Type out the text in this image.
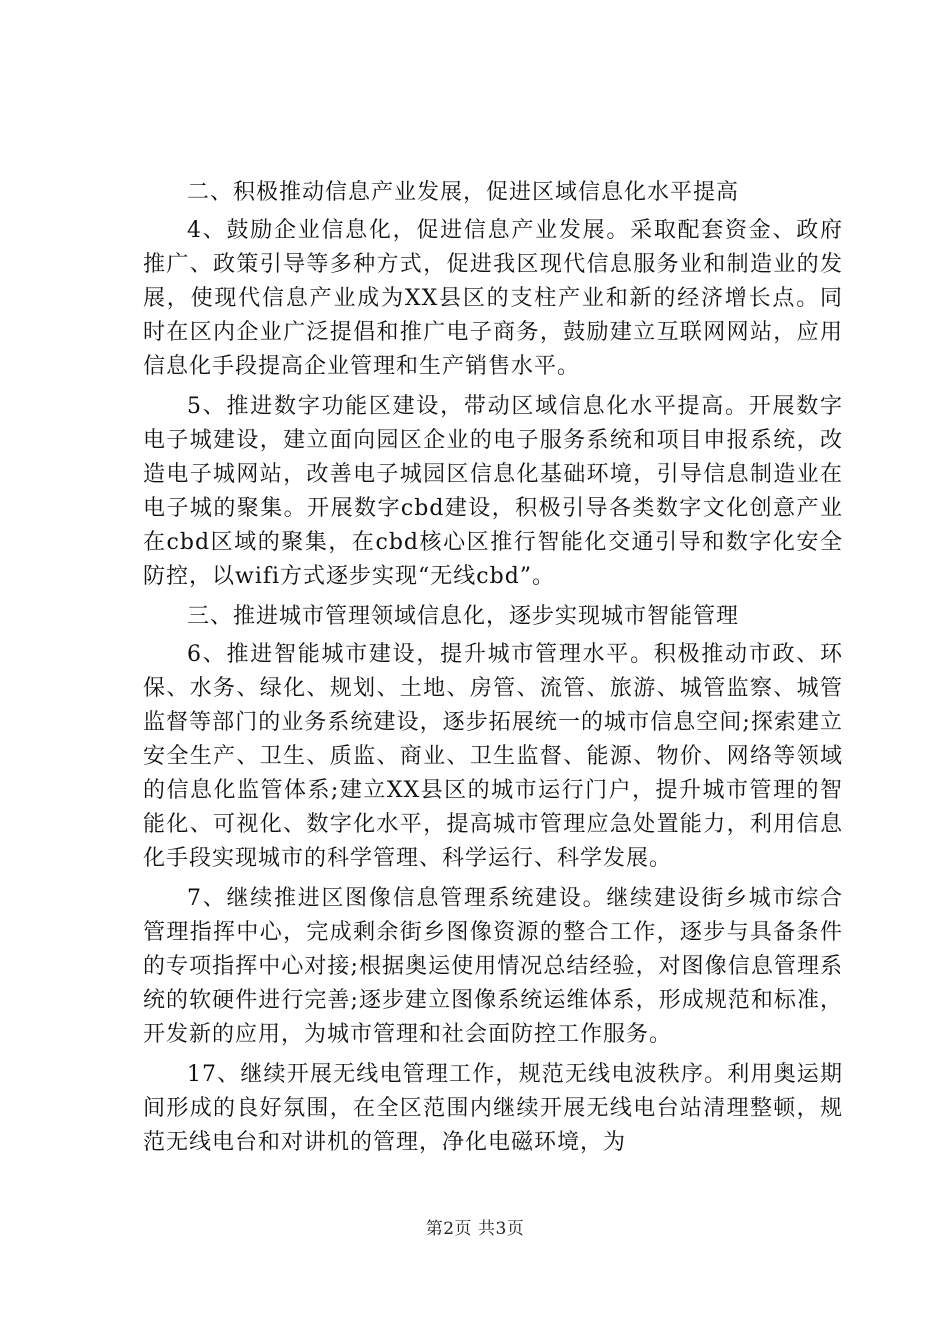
二、积极推动信息产业发展，促进区域信息化水平提高

4、鼓励企业信息化，促进信息产业发展。采取配套资金、政府推广、政策引导等多种方式，促进我区现代信息服务业和制造业的发展，使现代信息产业成为XX县区的支柱产业和新的经济增长点。同时在区内企业广泛提倡和推广电子商务，鼓励建立互联网网站，应用信息化手段提高企业管理和生产销售水平。

5、推进数字功能区建设，带动区域信息化水平提高。开展数字电子城建设，建立面向园区企业的电子服务系统和项目申报系统，改造电子城网站，改善电子城园区信息化基础环境，引导信息制造业在电子城的聚集。开展数字cbd建设，积极引导各类数字文化创意产业在cbd区域的聚集，在cbd核心区推行智能化交通引导和数字化安全防控，以wifi方式逐步实现“无线cbd”。

三、推进城市管理领域信息化，逐步实现城市智能管理

6、推进智能城市建设，提升城市管理水平。积极推动市政、环保、水务、绿化、规划、土地、房管、流管、旅游、城管监察、城管监督等部门的业务系统建设，逐步拓展统一的城市信息空间;探索建立安全生产、卫生、质监、商业、卫生监督、能源、物价、网络等领域的信息化监管体系;建立XX县区的城市运行门户，提升城市管理的智能化、可视化、数字化水平，提高城市管理应急处置能力，利用信息化手段实现城市的科学管理、科学运行、科学发展。

7、继续推进区图像信息管理系统建设。继续建设街乡城市综合管理指挥中心，完成剩余街乡图像资源的整合工作，逐步与具备条件的专项指挥中心对接;根据奥运使用情况总结经验，对图像信息管理系统的软硬件进行完善;逐步建立图像系统运维体系，形成规范和标准，开发新的应用，为城市管理和社会面防控工作服务。

17、继续开展无线电管理工作，规范无线电波秩序。利用奥运期间形成的良好氛围，在全区范围内继续开展无线电台站清理整顿，规范无线电台和对讲机的管理，净化电磁环境，为

第2页 共3页
